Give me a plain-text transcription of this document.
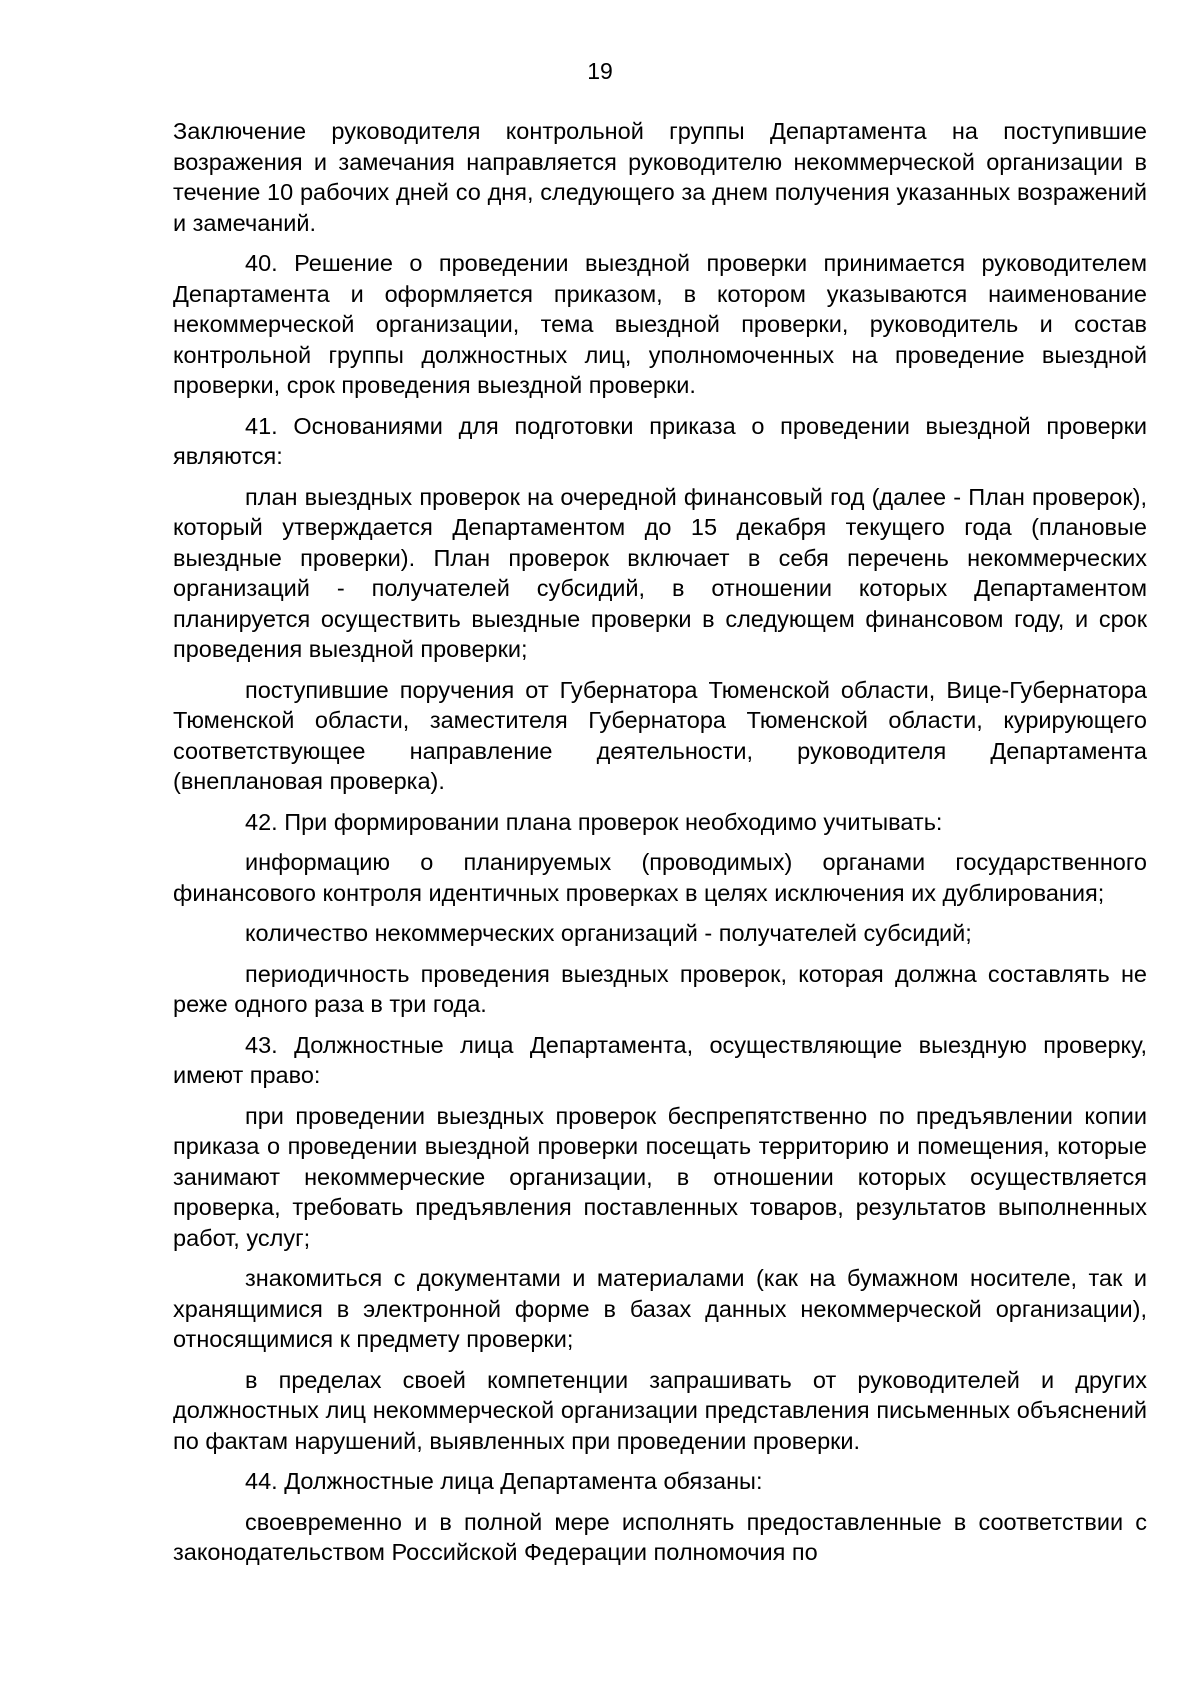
19

Заключение руководителя контрольной группы Департамента на поступившие возражения и замечания направляется руководителю некоммерческой организации в течение 10 рабочих дней со дня, следующего за днем получения указанных возражений и замечаний.

40. Решение о проведении выездной проверки принимается руководителем Департамента и оформляется приказом, в котором указываются наименование некоммерческой организации, тема выездной проверки, руководитель и состав контрольной группы должностных лиц, уполномоченных на проведение выездной проверки, срок проведения выездной проверки.

41. Основаниями для подготовки приказа о проведении выездной проверки являются:

план выездных проверок на очередной финансовый год (далее - План проверок), который утверждается Департаментом до 15 декабря текущего года (плановые выездные проверки). План проверок включает в себя перечень некоммерческих организаций - получателей субсидий, в отношении которых Департаментом планируется осуществить выездные проверки в следующем финансовом году, и срок проведения выездной проверки;

поступившие поручения от Губернатора Тюменской области, Вице-Губернатора Тюменской области, заместителя Губернатора Тюменской области, курирующего соответствующее направление деятельности, руководителя Департамента (внеплановая проверка).

42. При формировании плана проверок необходимо учитывать:

информацию о планируемых (проводимых) органами государственного финансового контроля идентичных проверках в целях исключения их дублирования;

количество некоммерческих организаций - получателей субсидий;

периодичность проведения выездных проверок, которая должна составлять не реже одного раза в три года.

43. Должностные лица Департамента, осуществляющие выездную проверку, имеют право:

при проведении выездных проверок беспрепятственно по предъявлении копии приказа о проведении выездной проверки посещать территорию и помещения, которые занимают некоммерческие организации, в отношении которых осуществляется проверка, требовать предъявления поставленных товаров, результатов выполненных работ, услуг;

знакомиться с документами и материалами (как на бумажном носителе, так и хранящимися в электронной форме в базах данных некоммерческой организации), относящимися к предмету проверки;

в пределах своей компетенции запрашивать от руководителей и других должностных лиц некоммерческой организации представления письменных объяснений по фактам нарушений, выявленных при проведении проверки.

44. Должностные лица Департамента обязаны:

своевременно и в полной мере исполнять предоставленные в соответствии с законодательством Российской Федерации полномочия по
